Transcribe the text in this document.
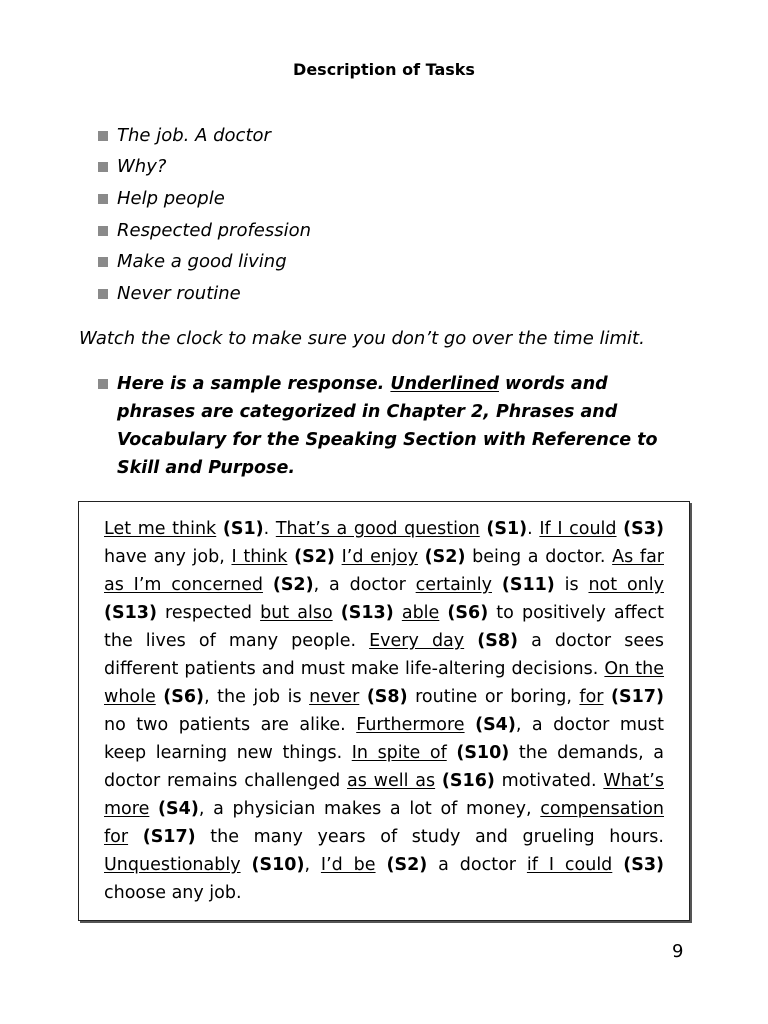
Description of Tasks
The job. A doctor
Why?
Help people
Respected profession
Make a good living
Never routine
Watch the clock to make sure you don’t go over the time limit.
Here is a sample response. Underlined words and phrases are categorized in Chapter 2, Phrases and Vocabulary for the Speaking Section with Reference to Skill and Purpose.
Let me think (S1). That’s a good question (S1). If I could (S3) have any job, I think (S2) I’d enjoy (S2) being a doctor. As far as I’m concerned (S2), a doctor certainly (S11) is not only (S13) respected but also (S13) able (S6) to positively affect the lives of many people. Every day (S8) a doctor sees different patients and must make life-altering decisions. On the whole (S6), the job is never (S8) routine or boring, for (S17) no two patients are alike. Furthermore (S4), a doctor must keep learning new things. In spite of (S10) the demands, a doctor remains challenged as well as (S16) motivated. What’s more (S4), a physician makes a lot of money, compensation for (S17) the many years of study and grueling hours. Unquestionably (S10), I’d be (S2) a doctor if I could (S3) choose any job.
9
